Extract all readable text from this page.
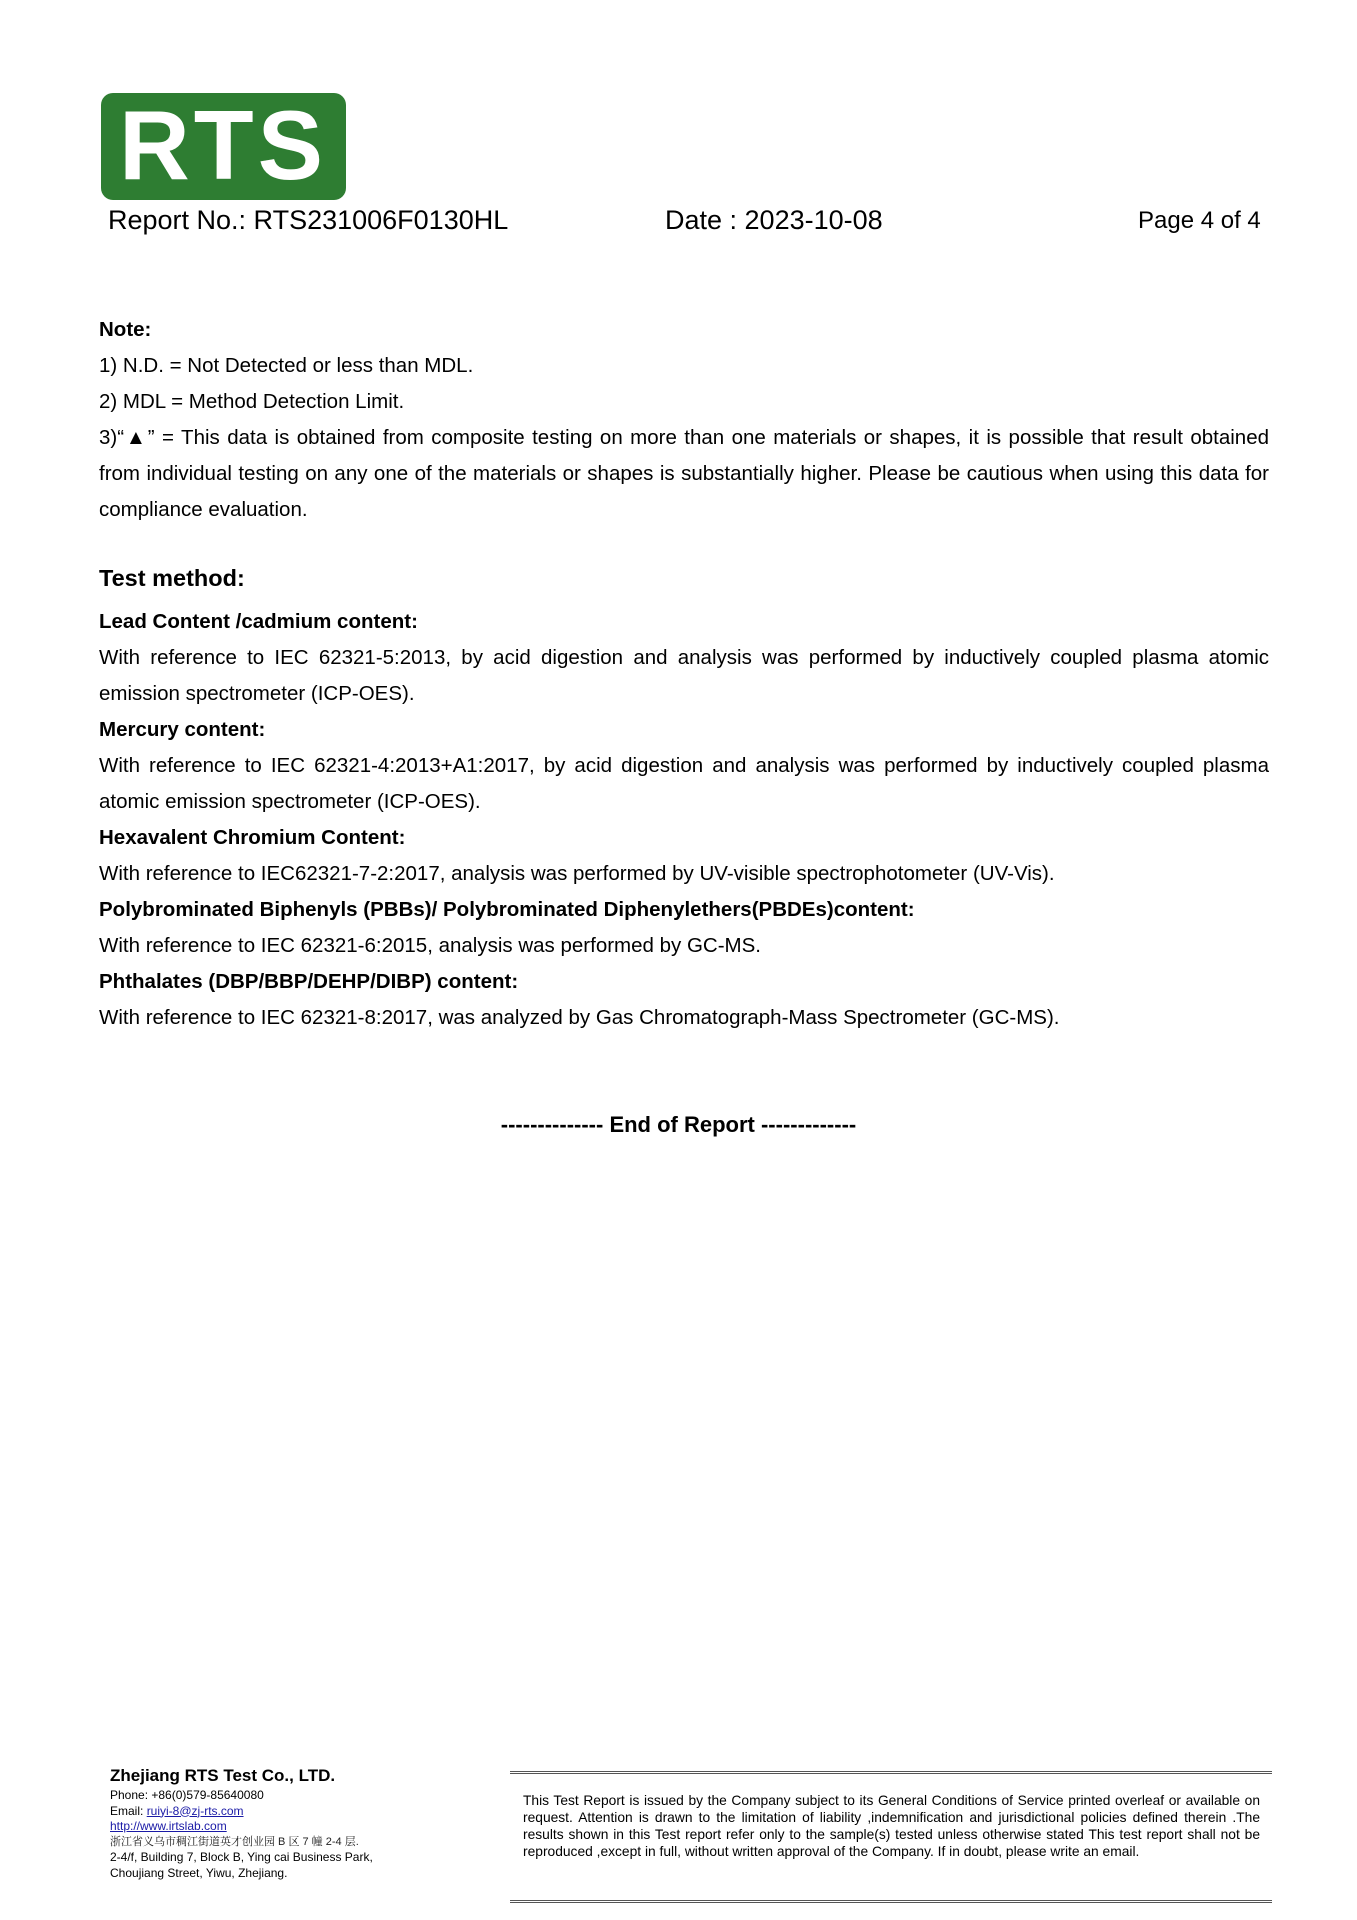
RTS
Report No.: RTS231006F0130HL	Date : 2023-10-08	Page 4 of 4

Note:

1) N.D. = Not Detected or less than MDL.

2) MDL = Method Detection Limit.

3)“▲” = This data is obtained from composite testing on more than one materials or shapes, it is possible that result obtained from individual testing on any one of the materials or shapes is substantially higher. Please be cautious when using this data for compliance evaluation.

Test method:

Lead Content /cadmium content:

With reference to IEC 62321-5:2013, by acid digestion and analysis was performed by inductively coupled plasma atomic emission spectrometer (ICP-OES).

Mercury content:

With reference to IEC 62321-4:2013+A1:2017, by acid digestion and analysis was performed by inductively coupled plasma atomic emission spectrometer (ICP-OES).

Hexavalent Chromium Content:

With reference to IEC62321-7-2:2017, analysis was performed by UV-visible spectrophotometer (UV-Vis).

Polybrominated Biphenyls (PBBs)/ Polybrominated Diphenylethers(PBDEs)content:

With reference to IEC 62321-6:2015, analysis was performed by GC-MS.

Phthalates (DBP/BBP/DEHP/DIBP) content:

With reference to IEC 62321-8:2017, was analyzed by Gas Chromatograph-Mass Spectrometer (GC-MS).

-------------- End of Report -------------
Zhejiang RTS Test Co., LTD.
Phone: +86(0)579-85640080
Email: ruiyi-8@zj-rts.com
http://www.irtslab.com
浙江省义乌市稠江街道英才创业园 B 区 7 幢 2-4 层.
2-4/f, Building 7, Block B, Ying cai Business Park,
Choujiang Street, Yiwu, Zhejiang.
This Test Report is issued by the Company subject to its General Conditions of Service printed overleaf or available on request. Attention is drawn to the limitation of liability ,indemnification and jurisdictional policies defined therein .The results shown in this Test report refer only to the sample(s) tested unless otherwise stated This test report shall not be reproduced ,except in full, without written approval of the Company. If in doubt, please write an email.
